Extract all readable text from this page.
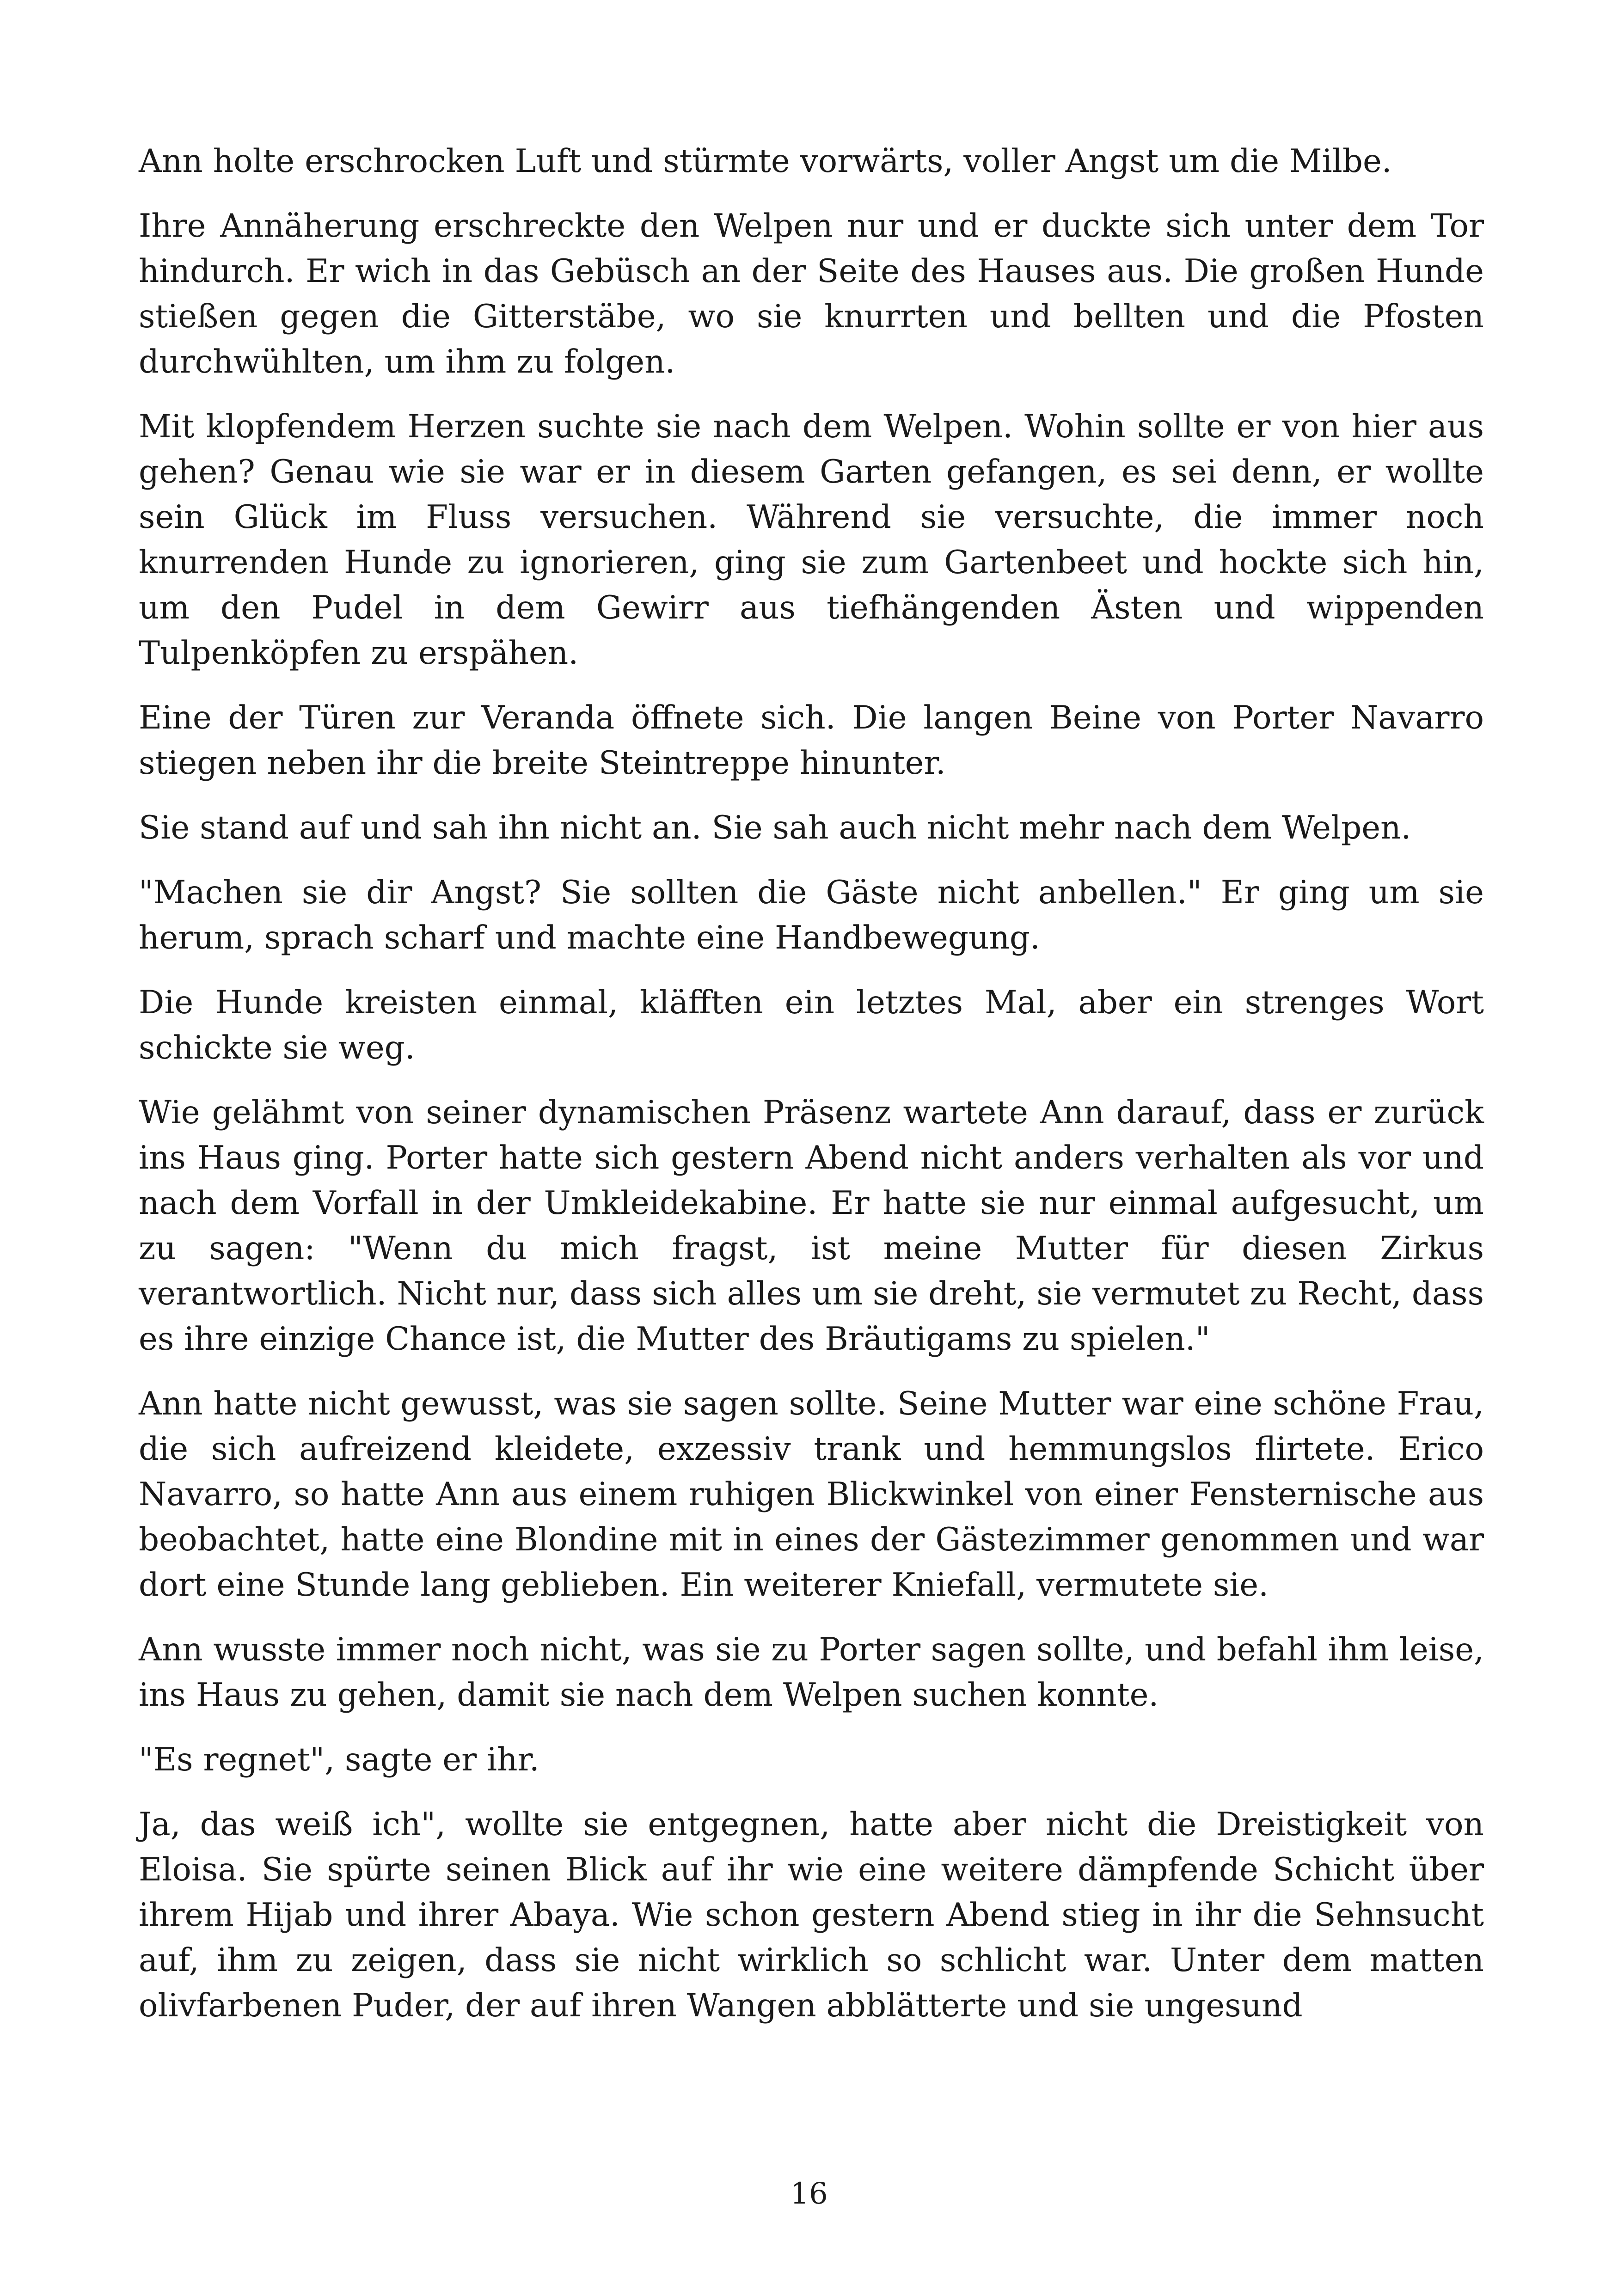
Ann holte erschrocken Luft und stürmte vorwärts, voller Angst um die Milbe.

Ihre Annäherung erschreckte den Welpen nur und er duckte sich unter dem Tor hindurch. Er wich in das Gebüsch an der Seite des Hauses aus. Die großen Hunde stießen gegen die Gitterstäbe, wo sie knurrten und bellten und die Pfosten durchwühlten, um ihm zu folgen.

Mit klopfendem Herzen suchte sie nach dem Welpen. Wohin sollte er von hier aus gehen? Genau wie sie war er in diesem Garten gefangen, es sei denn, er wollte sein Glück im Fluss versuchen. Während sie versuchte, die immer noch knurrenden Hunde zu ignorieren, ging sie zum Gartenbeet und hockte sich hin, um den Pudel in dem Gewirr aus tiefhängenden Ästen und wippenden Tulpenköpfen zu erspähen.

Eine der Türen zur Veranda öffnete sich. Die langen Beine von Porter Navarro stiegen neben ihr die breite Steintreppe hinunter.

Sie stand auf und sah ihn nicht an. Sie sah auch nicht mehr nach dem Welpen.

"Machen sie dir Angst? Sie sollten die Gäste nicht anbellen." Er ging um sie herum, sprach scharf und machte eine Handbewegung.

Die Hunde kreisten einmal, kläfften ein letztes Mal, aber ein strenges Wort schickte sie weg.

Wie gelähmt von seiner dynamischen Präsenz wartete Ann darauf, dass er zurück ins Haus ging. Porter hatte sich gestern Abend nicht anders verhalten als vor und nach dem Vorfall in der Umkleidekabine. Er hatte sie nur einmal aufgesucht, um zu sagen: "Wenn du mich fragst, ist meine Mutter für diesen Zirkus verantwortlich. Nicht nur, dass sich alles um sie dreht, sie vermutet zu Recht, dass es ihre einzige Chance ist, die Mutter des Bräutigams zu spielen."

Ann hatte nicht gewusst, was sie sagen sollte. Seine Mutter war eine schöne Frau, die sich aufreizend kleidete, exzessiv trank und hemmungslos flirtete. Erico Navarro, so hatte Ann aus einem ruhigen Blickwinkel von einer Fensternische aus beobachtet, hatte eine Blondine mit in eines der Gästezimmer genommen und war dort eine Stunde lang geblieben. Ein weiterer Kniefall, vermutete sie.

Ann wusste immer noch nicht, was sie zu Porter sagen sollte, und befahl ihm leise, ins Haus zu gehen, damit sie nach dem Welpen suchen konnte.

"Es regnet", sagte er ihr.

Ja, das weiß ich", wollte sie entgegnen, hatte aber nicht die Dreistigkeit von Eloisa. Sie spürte seinen Blick auf ihr wie eine weitere dämpfende Schicht über ihrem Hijab und ihrer Abaya. Wie schon gestern Abend stieg in ihr die Sehnsucht auf, ihm zu zeigen, dass sie nicht wirklich so schlicht war. Unter dem matten olivfarbenen Puder, der auf ihren Wangen abblätterte und sie ungesund

16
